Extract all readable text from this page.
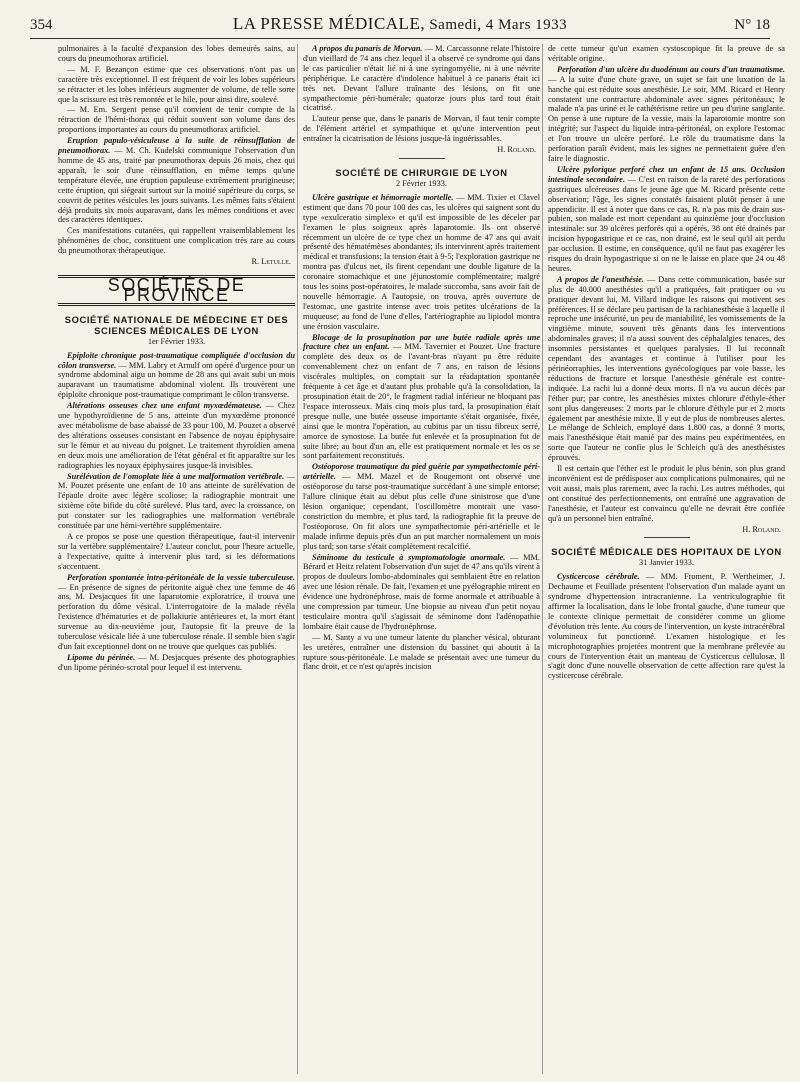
354	LA PRESSE MÉDICALE, Samedi, 4 Mars 1933	N° 18

pulmonaires à la faculté d'expansion des lobes demeurés sains, au cours du pneumothorax artificiel.

— M. F. Bezançon estime que ces observations n'ont pas un caractère très exceptionnel. Il est fréquent de voir les lobes supérieurs se rétracter et les lobes inférieurs augmenter de volume, de telle sorte que la scissure est très remontée et le hile, pour ainsi dire, soulevé.

— M. Em. Sergent pense qu'il convient de tenir compte de la rétraction de l'hémi-thorax qui réduit souvent son volume dans des proportions importantes au cours du pneumothorax artificiel.

Eruption papulo-vésiculeuse à la suite de réinsufflation de pneumothorax. — M. Ch. Kudelski communique l'observation d'un homme de 45 ans, traité par pneumothorax depuis 26 mois, chez qui apparaît, le soir d'une réinsufflation, en même temps qu'une température élevée, une éruption papuleuse extrêmement prurigineuse; cette éruption, qui siégeait surtout sur la moitié supérieure du corps, se couvrit de petites vésicules les jours suivants. Les mêmes faits s'étaient déjà produits six mois auparavant, dans les mêmes conditions et avec des caractères identiques.

Ces manifestations cutanées, qui rappellent vraisemblablement les phénomènes de choc, constituent une complication très rare au cours du pneumothorax thérapeutique.

R. Letulle.

SOCIÉTÉS DE PROVINCE
SOCIÉTÉ NATIONALE DE MÉDECINE ET DES SCIENCES MÉDICALES DE LYON

1er Février 1933.

Epiploïte chronique post-traumatique compliquée d'occlusion du côlon transverse. — MM. Labry et Arnulf ont opéré d'urgence pour un syndrome abdominal aigu un homme de 28 ans qui avait subi un mois auparavant un traumatisme abdominal violent. Ils trouvèrent une épiploïte chronique post-traumatique comprimant le côlon transverse.

Altérations osseuses chez une enfant myxœdémateuse. — Chez une hypothyroïdienne de 5 ans, atteinte d'un myxœdème prononcé avec métabolisme de base abaissé de 33 pour 100, M. Pouzet a observé des altérations osseuses consistant en l'absence de noyau épiphysaire sur le fémur et au niveau du poignet. Le traitement thyroïdien amena en deux mois une amélioration de l'état général et fit apparaître sur les radiographies les noyaux épiphysaires jusque-là invisibles.

Surélévation de l'omoplate liée à une malformation vertébrale. — M. Pouzet présente une enfant de 10 ans atteinte de surélévation de l'épaule droite avec légère scoliose; la radiographie montrait une sixième côte bifide du côté surélevé. Plus tard, avec la croissance, on put constater sur les radiographies une malformation vertébrale constituée par une hémi-vertèbre supplémentaire.

A ce propos se pose une question thérapeutique, faut-il intervenir sur la vertèbre supplémentaire? L'auteur conclut, pour l'heure actuelle, à l'expectative, quitte à intervenir plus tard, si les déformations s'accentuent.

Perforation spontanée intra-péritonéale de la vessie tuberculeuse. — En présence de signes de péritonite aiguë chez une femme de 46 ans, M. Desjacques fit une laparotomie exploratrice, il trouva une perforation du dôme vésical. L'interrogatoire de la malade révéla l'existence d'hématuries et de pollakiurie antérieures et, la mort étant survenue au dix-neuvième jour, l'autopsie fit la preuve de la tuberculose vésicale liée à une tuberculose rénale. Il semble bien s'agir d'un fait exceptionnel dont on ne trouve que quelques cas publiés.

Lipome du périnée. — M. Desjacques présente des photographies d'un lipome périnéo-scrotal pour lequel il est intervenu.

A propos du panaris de Morvan. — M. Carcassonne relate l'histoire d'un vieillard de 74 ans chez lequel il a observé ce syndrome qui dans le cas particulier n'était lié ni à une syringomyélie, ni à une névrite périphérique. Le caractère d'indolence habituel à ce panaris était ici très net. Devant l'allure traînante des lésions, on fit une sympathectomie péri-humérale; quatorze jours plus tard tout était cicatrisé.

L'auteur pense que, dans le panaris de Morvan, il faut tenir compte de l'élément artériel et sympathique et qu'une intervention peut entraîner la cicatrisation de lésions jusque-là inguérissables.

H. Roland.

SOCIÉTÉ DE CHIRURGIE DE LYON

2 Février 1933.

Ulcère gastrique et hémorragie mortelle. — MM. Tixier et Clavel estiment que dans 70 pour 100 des cas, les ulcères qui saignent sont du type «exulceratio simplex» et qu'il est impossible de les déceler par l'examen le plus soigneux après laparotomie. Ils ont observé récemment un ulcère de ce type chez un homme de 47 ans qui avait présenté des hématémèses abondantes; ils intervinrent après traitement médical et transfusions; la tension était à 9-5; l'exploration gastrique ne montra pas d'ulcus net, ils firent cependant une double ligature de la coronaire stomachique et une jéjunostomie complémentaire; malgré tous les soins post-opératoires, le malade succomba, sans avoir fait de nouvelle hémorragie. A l'autopsie, on trouva, après ouverture de l'estomac, une gastrite intense avec trois petites ulcérations de la muqueuse; au fond de l'une d'elles, l'artériographie au lipiodol montra une érosion vasculaire.

Blocage de la prosupination par une butée radiale après une fracture chez un enfant. — MM. Tavernier et Pouzet. Une fracture complète des deux os de l'avant-bras n'ayant pu être réduite convenablement chez un enfant de 7 ans, en raison de lésions viscérales multiples, on comptait sur la réadaptation spontanée fréquente à cet âge et d'autant plus probable qu'à la consolidation, la prosupination était de 20°, le fragment radial inférieur ne bloquant pas l'espace interosseux. Mais cinq mois plus tard, la prosupination était presque nulle, une butée osseuse importante s'était organisée, fixée, ainsi que le montra l'opération, au cubitus par un tissu fibreux serré, amorce de synostose. La butée fut enlevée et la prosupination fut de suite libre; au bout d'un an, elle est pratiquement normale et les os se sont parfaitement reconstitués.

Ostéoporose traumatique du pied guérie par sympathectomie péri-artérielle. — MM. Mazel et de Rougemont ont observé une ostéoporose du tarse post-traumatique succédant à une simple entorse; l'allure clinique était au début plus celle d'une sinistrose que d'une lésion organique; cependant, l'oscillomètre montrait une vaso-constriction du membre, et plus tard, la radiographie fit la preuve de l'ostéoporose. On fit alors une sympathectomie péri-artérielle et le malade infirme depuis près d'un an put marcher normalement un mois plus tard; son tarse s'était complètement recalcifié.

Séminome du testicule à symptomatologie anormale. — MM. Bérard et Heitz relatent l'observation d'un sujet de 47 ans qu'ils virent à propos de douleurs lombo-abdominales qui semblaient être en relation avec une lésion rénale. De fait, l'examen et une pyélographie mirent en évidence une hydronéphrose, mais de forme anormale et attribuable à une compression par tumeur. Une biopsie au niveau d'un petit noyau testiculaire montra qu'il s'agissait de séminome dont l'adénopathie lombaire était cause de l'hydronéphrose.

— M. Santy a vu une tumeur latente du plancher vésical, obturant les uretères, entraîner une distension du bassinet qui aboutit à la rupture sous-péritonéale. Le malade se présentait avec une tumeur du flanc droit, et ce n'est qu'après incision

de cette tumeur qu'un examen cystoscopique fit la preuve de sa véritable origine.

Perforation d'un ulcère du duodénum au cours d'un traumatisme. — A la suite d'une chute grave, un sujet se fait une luxation de la hanche qui est réduite sous anesthésie. Le soir, MM. Ricard et Henry constatent une contracture abdominale avec signes péritonéaux; le malade n'a pas uriné et le cathétérisme retire un peu d'urine sanglante. On pense à une rupture de la vessie, mais la laparotomie montre son intégrité; sur l'aspect du liquide intra-péritonéal, on explore l'estomac et l'on trouve un ulcère perforé. Le rôle du traumatisme dans la perforation paraît évident, mais les signes ne permettaient guère d'en faire le diagnostic.

Ulcère pylorique perforé chez un enfant de 15 ans. Occlusion intestinale secondaire. — C'est en raison de la rareté des perforations gastriques ulcéreuses dans le jeune âge que M. Ricard présente cette observation; l'âge, les signes constatés faisaient plutôt penser à une appendicite. Il est à noter que dans ce cas, R. n'a pas mis de drain sus-pubien, son malade est mort cependant au quinzième jour d'occlusion intestinale: sur 39 ulcères perforés qui a opérés, 38 ont été drainés par incision hypogastrique et ce cas, non drainé, est le seul qu'il ait perdu par occlusion. Il estime, en conséquence, qu'il ne faut pas exagérer les risques du drain hypogastrique si on ne le laisse en place que 24 ou 48 heures.

A propos de l'anesthésie. — Dans cette communication, basée sur plus de 40.000 anesthésies qu'il a pratiquées, fait pratiquer ou vu pratiquer devant lui, M. Villard indique les raisons qui motivent ses préférences. Il se déclare peu partisan de la rachianesthésie à laquelle il reproche une insécurité, un peu de maniabilité, les vomissements de la vingtième minute, souvent très gênants dans les interventions abdominales graves; il n'a aussi souvent des céphalalgies tenaces, des insomnies persistantes et quelques paralysies. Il lui reconnaît cependant des avantages et continue à l'utiliser pour les périnéorraphies, les interventions gynécologiques par voie basse, les réductions de fracture et lorsque l'anesthésie générale est contre-indiquée. La rachi lui a donné deux morts. Il n'a vu aucun décès par l'éther pur; par contre, les anesthésies mixtes chlorure d'éthyle-éther sont plus dangereuses: 2 morts par le chlorure d'éthyle pur et 2 morts également par anesthésie mixte. Il y eut de plus de nombreuses alertes. Le mélange de Schleich, employé dans 1.800 cas, a donné 3 morts, mais l'anesthésique était manié par des mains peu expérimentées, en sorte que l'auteur ne confie plus le Schleich qu'à des anesthésistes éprouvés.

Il est certain que l'éther est le produit le plus bénin, son plus grand inconvénient est de prédisposer aux complications pulmonaires, qui ne voit aussi, mais plus rarement, avec la rachi. Les autres méthodes, qui ont constitué des perfectionnements, ont entraîné une aggravation de l'anesthésie, et l'auteur est convaincu qu'elle ne devrait être confiée qu'à un personnel bien entraîné.

H. Roland.

SOCIÉTÉ MÉDICALE DES HOPITAUX DE LYON

31 Janvier 1933.

Cysticercose cérébrale. — MM. Froment, P. Wertheimer, J. Dechaume et Feuillade présentent l'observation d'un malade ayant un syndrome d'hypertension intracranienne. La ventriculographie fit affirmer la localisation, dans le lobe frontal gauche, d'une tumeur que le contexte clinique permettait de considérer comme un gliome d'évolution très lente. Au cours de l'intervention, un kyste intracérébral volumineux fut ponctionné. L'examen histologique et les microphotographies projetées montrent que la membrane prélevée au cours de l'intervention était un manteau de Cysticercus cellulosæ. Il s'agit donc d'une nouvelle observation de cette affection rare qu'est la cysticercose cérébrale.
